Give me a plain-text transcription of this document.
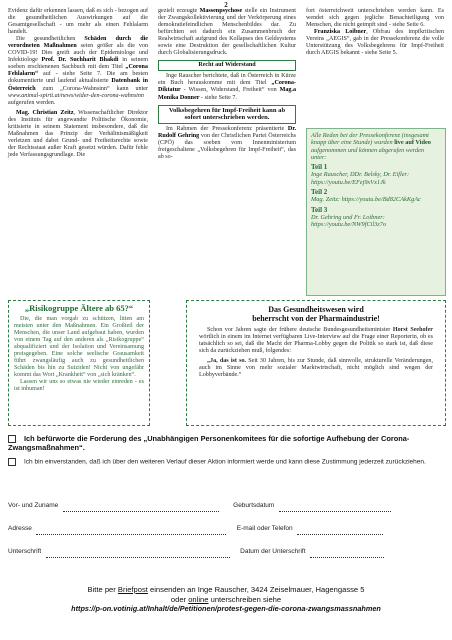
2

Evidenz dafür erkennen lassen, daß es sich - bezogen auf die gesundheitlichen Auswirkungen auf die Gesamtgesellschaft - um mehr als einen Fehlalarm handelt.

Die gesundheitlichen Schäden durch die verordneten Maßnahmen seien größer als die von COVID-19! Dies greift auch der Epidemiologe und Infektiologe Prof. Dr. Suchharit Bhakdi in seinem soeben erschienenen Sachbuch mit dem Titel „Corona Fehlalarm“ auf - siehe Seite 7. Die am besten dokumentierte und laufend aktualisierte Datenbank in Österreich zum „Corona-Wahnsinn“ kann unter www.animal-spirit.at/news/wider-den-corona-wahnsinn aufgerufen werden.

Mag. Christian Zeitz, Wissenschaftlicher Direktor des Instituts für angewandte Politische Ökonomie, kritisierte in seinem Statement insbesondere, daß die Maßnahmen das Prinzip der Verhältnismäßigkeit verletzen und dabei Grund- und Freiheitsrechte sowie der Rechtsstaat außer Kraft gesetzt würden. Dafür fehle jede Verfassungsgrundlage. Die

gezielt erzeugte Massenpsychose stelle ein Instrument der Zwangskollektivierung und der Verkörperung eines demokratiefeindlichen Menschenbildes dar. Zu befürchten sei dadurch ein Zusammenbruch der Realwirtschaft aufgrund des Kollapses des Geldsystems sowie eine Destruktion der gesellschaftlichen Kultur durch Globalisierungsdruck.

Recht auf Widerstand

Inge Rauscher berichtete, daß in Österreich in Kürze ein Buch herauskomme mit dem Titel „Corona-Diktatur - Wissen, Widerstand, Freiheit“ von Mag.a Monika Donner - siehe Seite 7.

Volksbegehren für Impf-Freiheit kann ab sofort unterschrieben werden.

Im Rahmen der Pressekonferenz präsentierte Dr. Rudolf Gehring von der Christlichen Partei Österreichs (CPÖ) das soeben vom Innenministerium freigeschaltene „Volksbegehren für Impf-Freiheit“, das ab so-

fort österreichweit unterschrieben werden kann. Es wendet sich gegen jegliche Benachteiligung von Menschen, die nicht geimpft sind - siehe Seite 6.

Franziska Loibner, Obfrau des impfkritischen Vereins „AEGIS“, gab in der Pressekonferenz die volle Unterstützung des Volksbegehrens für Impf-Freiheit durch AEGIS bekannt - siehe Seite 5.

Alle Reden bei der Pressekonferenz (insgesamt knapp über eine Stunde) wurden live auf Video aufgenommen und können abgerufen werden unter:
Teil 1
Inge Rauscher, DDr. Belsky, Dr. Eifler: https://youtu.be/EFej9xVx1Jk
Teil 2
Mag. Zeitz: https://youtu.be/Bd82CAkKgAc
Teil 3
Dr. Gehring und Fr. Loibner: https://youtu.be/NW9fCil3z7o
„Risikogruppe Ältere ab 65?“
Die, die man vorgab zu schützen, litten am meisten unter den Maßnahmen. Ein Großteil der Menschen, die unser Land aufgebaut haben, wurden von einem Tag auf den anderen als „Risikogruppe“ abqualifiziert und der Isolation und Vereinsamung preisgegeben. Eine solche seelische Grausamkeit führt zwangsläufig auch zu gesundheitlichen Schäden bis hin zu Suiziden! Nicht von ungefähr kommt das Wort „Krankheit“ von „sich kränken“.
Lassen wir uns so etwas nie wieder einreden - es ist inhuman!
Das Gesundheitswesen wird
beherrscht von der Pharmaindustrie!
Schon vor Jahren sagte der frühere deutsche Bundesgesundheitsminister Horst Seehofer wörtlich in einem im Internet verfügbaren Live-Interview auf die Frage einer Reporterin, ob es tatsächlich so sei, daß die Macht der Pharma-Lobby gegen die Politik so stark ist, daß diese sich da zurückziehen muß, folgendes:
„Ja, das ist so. Seit 30 Jahren, bis zur Stunde, daß sinnvolle, strukturelle Veränderungen, auch im Sinne von mehr sozialer Marktwirtschaft, nicht möglich sind wegen der Lobbyverbände.“
Ich befürworte die Forderung des „Unabhängigen Personenkomitees für die sofortige Aufhebung der Corona-Zwangsmaßnahmen“.
Ich bin einverstanden, daß ich über den weiteren Verlauf dieser Aktion informiert werde und kann diese Zustimmung jederzeit zurückziehen.
Vor- und Zuname	Geburtsdatum
Adresse	E-mail oder Telefon
Unterschrift	Datum der Unterschrift
Bitte per Briefpost einsenden an Inge Rauscher, 3424 Zeiselmauer, Hagengasse 5
oder online unterschreiben siehe
https://p-on.votinig.at/Inhalt/de/Petitionen/protest-gegen-die-corona-zwangsmassnahmen
